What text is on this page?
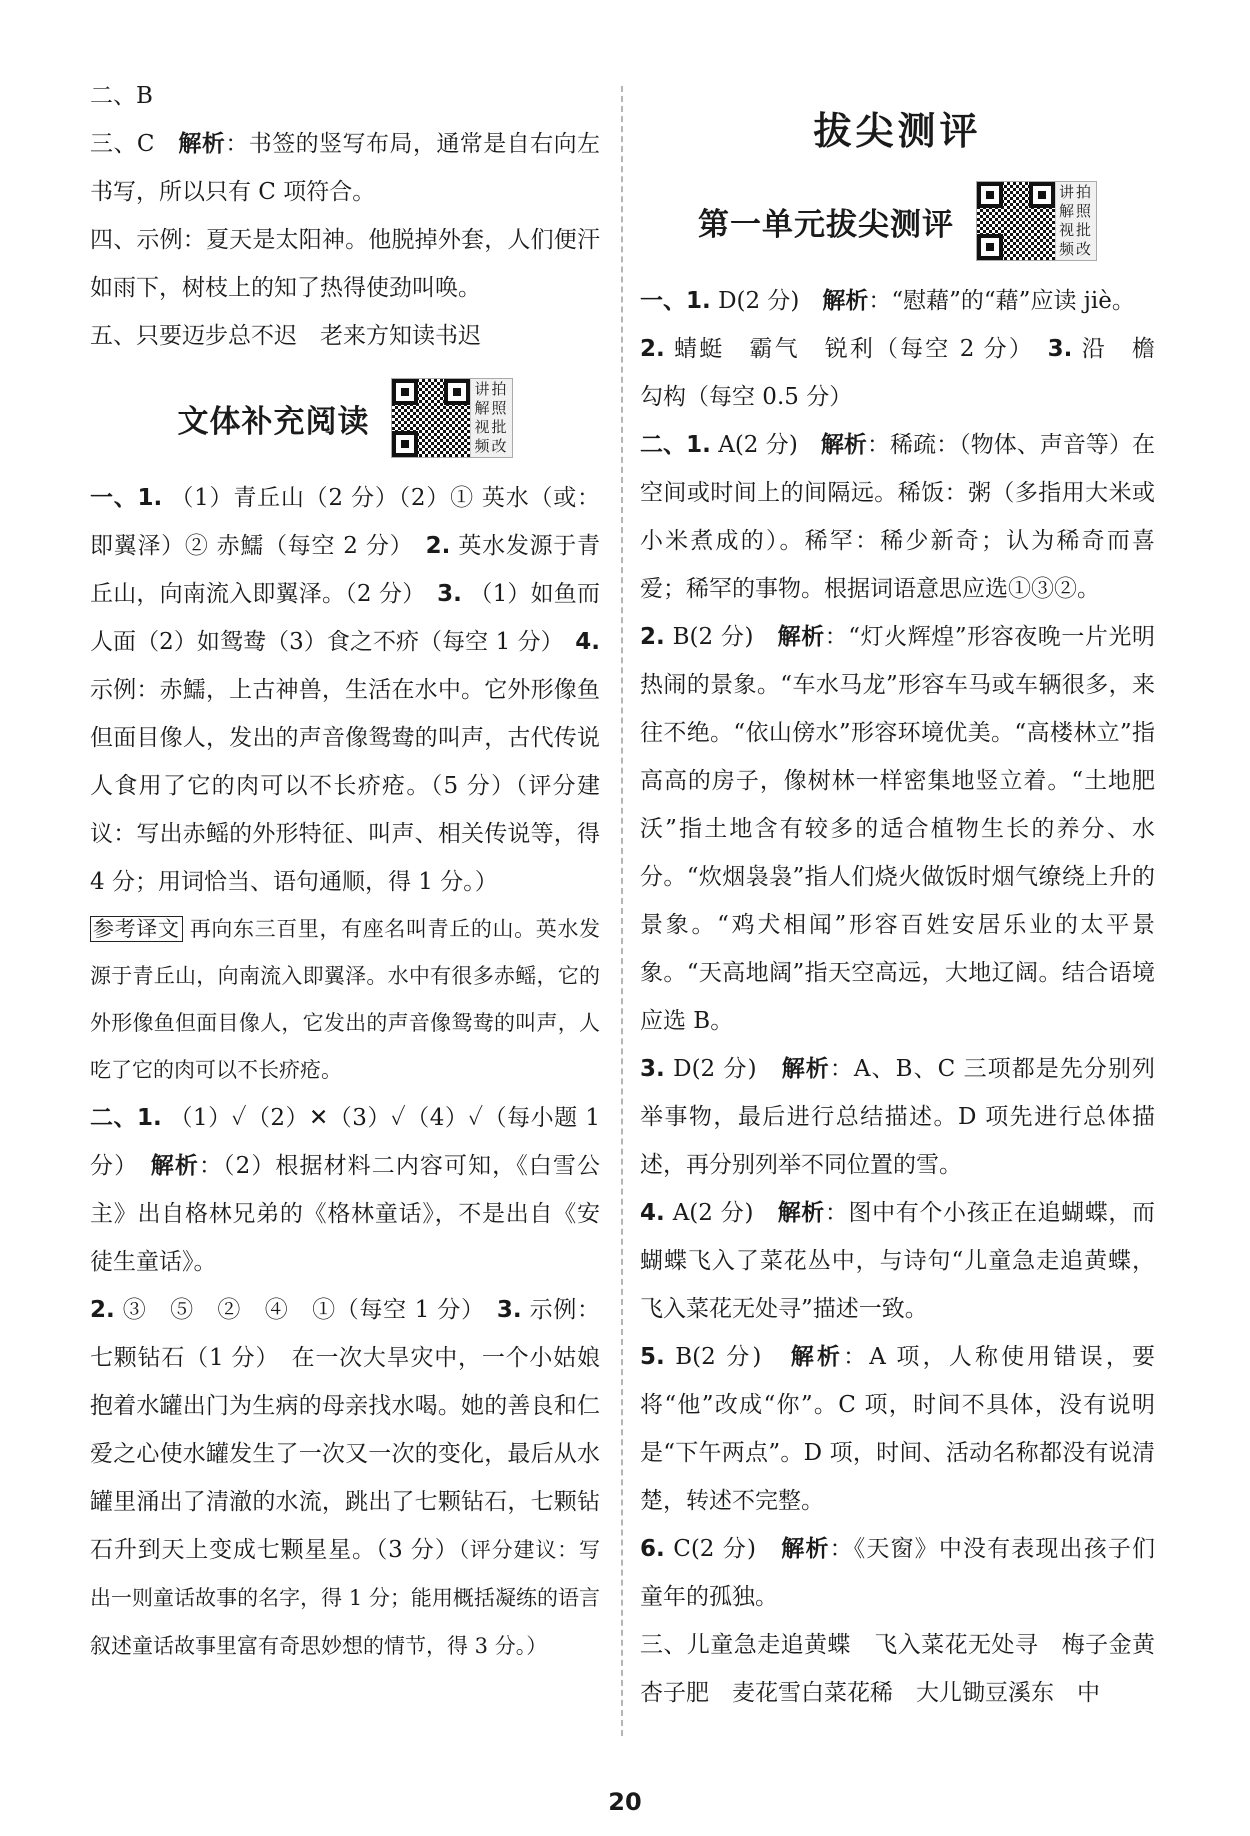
二、B

三、C　 解析：书签的竖写布局，通常是自右向左书写，所以只有 C 项符合。

四、示例：夏天是太阳神。他脱掉外套，人们便汗如雨下，树枝上的知了热得使劲叫唤。

五、只要迈步总不迟　老来方知读书迟

文体补充阅读
讲拍
解照
视批
频改

一、1. （1）青丘山（2 分）（2）① 英水（或：即翼泽）② 赤鱬（每空 2 分）　 2. 英水发源于青丘山，向南流入即翼泽。（2 分）　 3. （1）如鱼而人面（2）如鸳鸯（3）食之不疥（每空 1 分）　 4. 示例：赤鱬，上古神兽，生活在水中。它外形像鱼但面目像人，发出的声音像鸳鸯的叫声，古代传说人食用了它的肉可以不长疥疮。（5 分）（评分建议：写出赤鳐的外形特征、叫声、相关传说等，得 4 分；用词恰当、语句通顺，得 1 分。）

参考译文 再向东三百里，有座名叫青丘的山。英水发源于青丘山，向南流入即翼泽。水中有很多赤鳐，它的外形像鱼但面目像人，它发出的声音像鸳鸯的叫声，人吃了它的肉可以不长疥疮。

二、1. （1）✓（2）✕（3）✓（4）✓（每小题 1 分）　 解析：（2）根据材料二内容可知，《白雪公主》出自格林兄弟的《格林童话》，不是出自《安徒生童话》。

2. ③　⑤　②　④　①（每空 1 分）　 3. 示例：七颗钻石（1 分）　在一次大旱灾中，一个小姑娘抱着水罐出门为生病的母亲找水喝。她的善良和仁爱之心使水罐发生了一次又一次的变化，最后从水罐里涌出了清澈的水流，跳出了七颗钻石，七颗钻石升到天上变成七颗星星。（3 分）（评分建议：写出一则童话故事的名字，得 1 分；能用概括凝练的语言叙述童话故事里富有奇思妙想的情节，得 3 分。）

拔尖测评
第一单元拔尖测评
讲拍
解照
视批
频改

一、1. D(2 分)　解析：“慰藉”的“藉”应读 jiè。

2. 蜻蜓　霸气　锐利（每空 2 分）　 3. 沿　檐　勾构（每空 0.5 分）

二、1. A(2 分)　解析：稀疏：（物体、声音等）在空间或时间上的间隔远。稀饭：粥（多指用大米或小米煮成的）。稀罕：稀少新奇；认为稀奇而喜爱；稀罕的事物。根据词语意思应选①③②。

2. B(2 分)　解析：“灯火辉煌”形容夜晚一片光明热闹的景象。“车水马龙”形容车马或车辆很多，来往不绝。“依山傍水”形容环境优美。“高楼林立”指高高的房子，像树林一样密集地竖立着。“土地肥沃”指土地含有较多的适合植物生长的养分、水分。“炊烟袅袅”指人们烧火做饭时烟气缭绕上升的景象。“鸡犬相闻”形容百姓安居乐业的太平景象。“天高地阔”指天空高远，大地辽阔。结合语境应选 B。

3. D(2 分)　解析：A、B、C 三项都是先分别列举事物，最后进行总结描述。D 项先进行总体描述，再分别列举不同位置的雪。

4. A(2 分)　解析：图中有个小孩正在追蝴蝶，而蝴蝶飞入了菜花丛中，与诗句“儿童急走追黄蝶，飞入菜花无处寻”描述一致。

5. B(2 分)　解析：A 项，人称使用错误，要将“他”改成“你”。C 项，时间不具体，没有说明是“下午两点”。D 项，时间、活动名称都没有说清楚，转述不完整。

6. C(2 分)　解析：《天窗》中没有表现出孩子们童年的孤独。

三、儿童急走追黄蝶　飞入菜花无处寻　梅子金黄杏子肥　麦花雪白菜花稀　大儿锄豆溪东　中

20
